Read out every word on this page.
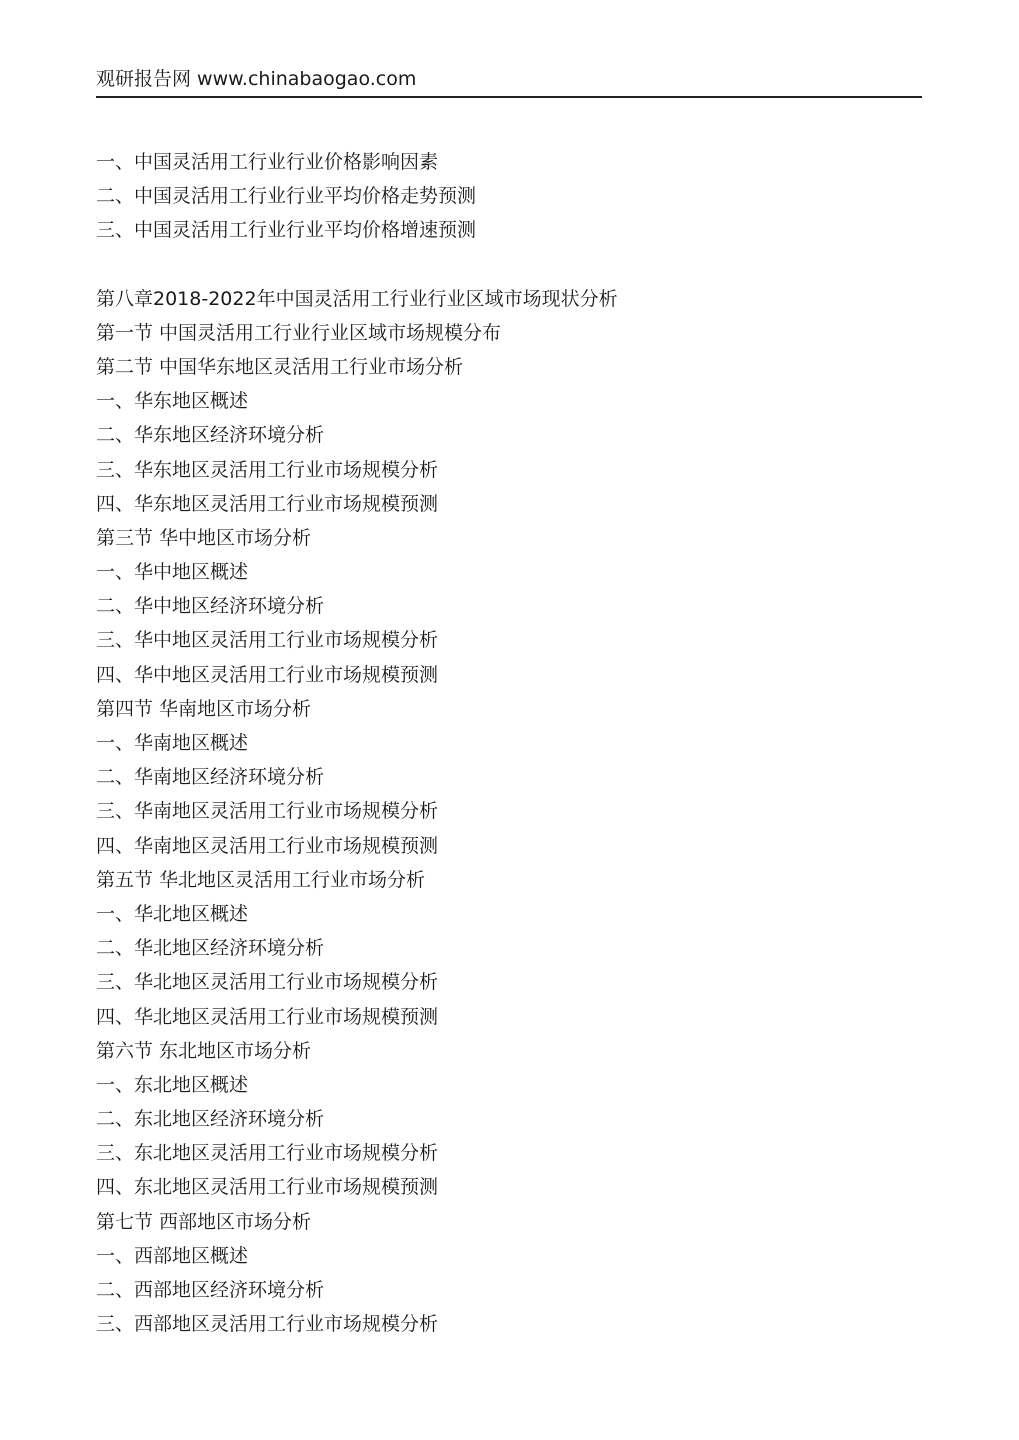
观研报告网 www.chinabaogao.com
一、中国灵活用工行业行业价格影响因素
二、中国灵活用工行业行业平均价格走势预测
三、中国灵活用工行业行业平均价格增速预测
第八章2018-2022年中国灵活用工行业行业区域市场现状分析
第一节 中国灵活用工行业行业区域市场规模分布
第二节 中国华东地区灵活用工行业市场分析
一、华东地区概述
二、华东地区经济环境分析
三、华东地区灵活用工行业市场规模分析
四、华东地区灵活用工行业市场规模预测
第三节 华中地区市场分析
一、华中地区概述
二、华中地区经济环境分析
三、华中地区灵活用工行业市场规模分析
四、华中地区灵活用工行业市场规模预测
第四节 华南地区市场分析
一、华南地区概述
二、华南地区经济环境分析
三、华南地区灵活用工行业市场规模分析
四、华南地区灵活用工行业市场规模预测
第五节 华北地区灵活用工行业市场分析
一、华北地区概述
二、华北地区经济环境分析
三、华北地区灵活用工行业市场规模分析
四、华北地区灵活用工行业市场规模预测
第六节 东北地区市场分析
一、东北地区概述
二、东北地区经济环境分析
三、东北地区灵活用工行业市场规模分析
四、东北地区灵活用工行业市场规模预测
第七节 西部地区市场分析
一、西部地区概述
二、西部地区经济环境分析
三、西部地区灵活用工行业市场规模分析
